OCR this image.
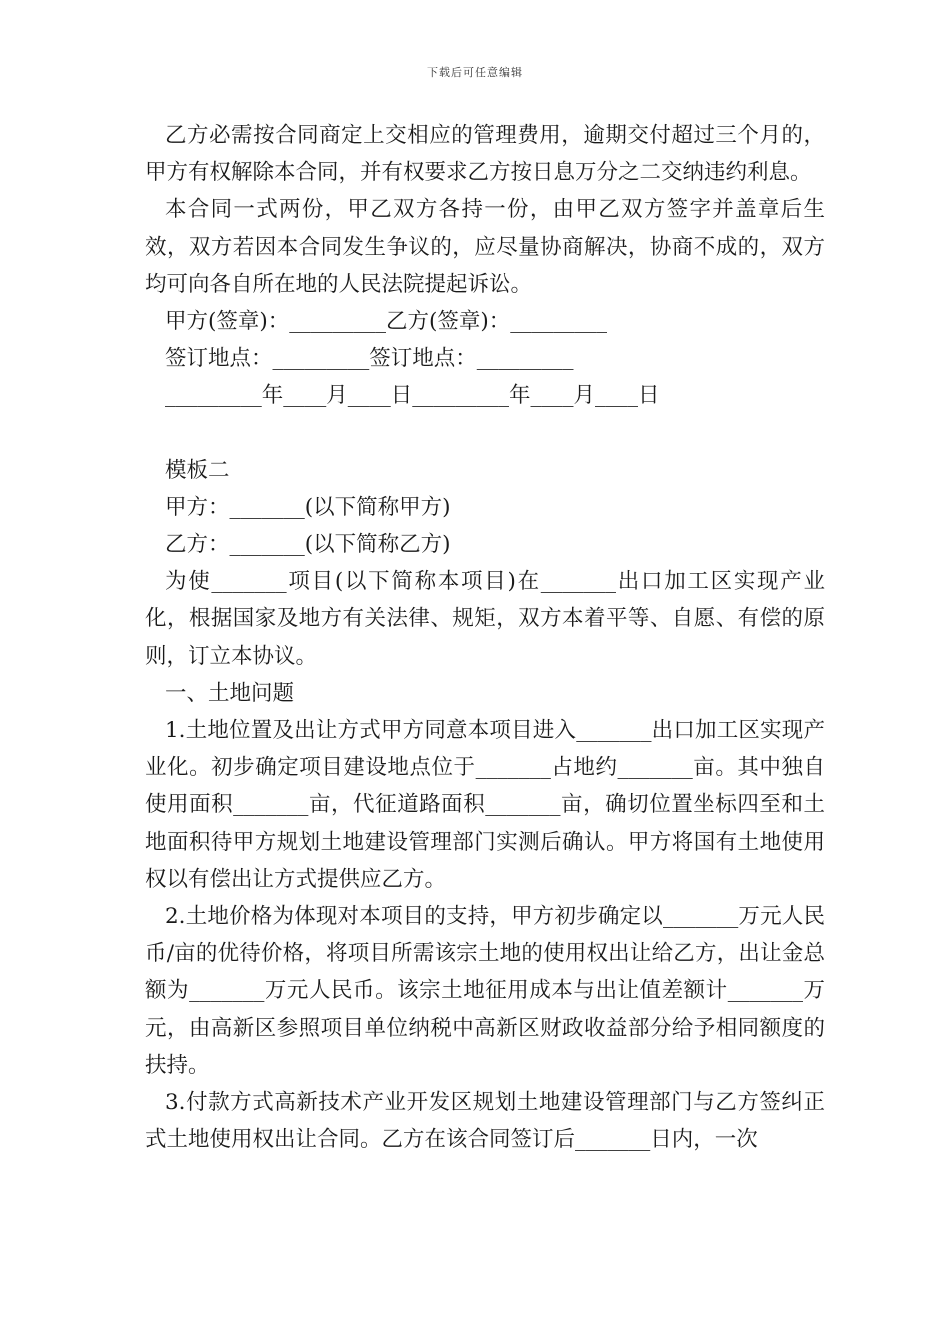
下载后可任意编辑

乙方必需按合同商定上交相应的管理费用，逾期交付超过三个月的，甲方有权解除本合同，并有权要求乙方按日息万分之二交纳违约利息。

本合同一式两份，甲乙双方各持一份，由甲乙双方签字并盖章后生效，双方若因本合同发生争议的，应尽量协商解决，协商不成的，双方均可向各自所在地的人民法院提起诉讼。

甲方(签章)：_________乙方(签章)：_________

签订地点：_________签订地点：_________

_________年____月____日_________年____月____日

模板二

甲方：_______(以下简称甲方)

乙方：_______(以下简称乙方)

为使_______项目(以下简称本项目)在_______出口加工区实现产业化，根据国家及地方有关法律、规矩，双方本着平等、自愿、有偿的原则，订立本协议。

一、土地问题

1.土地位置及出让方式甲方同意本项目进入_______出口加工区实现产业化。初步确定项目建设地点位于_______占地约_______亩。其中独自使用面积_______亩，代征道路面积_______亩，确切位置坐标四至和土地面积待甲方规划土地建设管理部门实测后确认。甲方将国有土地使用权以有偿出让方式提供应乙方。

2.土地价格为体现对本项目的支持，甲方初步确定以_______万元人民币/亩的优待价格，将项目所需该宗土地的使用权出让给乙方，出让金总额为_______万元人民币。该宗土地征用成本与出让值差额计_______万元，由高新区参照项目单位纳税中高新区财政收益部分给予相同额度的扶持。

3.付款方式高新技术产业开发区规划土地建设管理部门与乙方签纠正式土地使用权出让合同。乙方在该合同签订后_______日内，一次
